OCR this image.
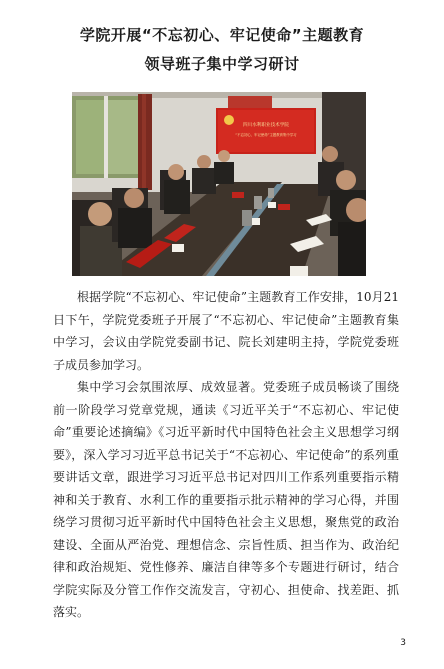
学院开展“不忘初心、牢记使命”主题教育
领导班子集中学习研讨
四川水利职业技术学院
“不忘初心、牢记使命”主题教育集中学习

根据学院“不忘初心、牢记使命”主题教育工作安排，10月21日下午，学院党委班子开展了“不忘初心、牢记使命”主题教育集中学习，会议由学院党委副书记、院长刘建明主持，学院党委班子成员参加学习。

集中学习会氛围浓厚、成效显著。党委班子成员畅谈了围绕前一阶段学习党章党规，通读《习近平关于“不忘初心、牢记使命”重要论述摘编》《习近平新时代中国特色社会主义思想学习纲要》，深入学习习近平总书记关于“不忘初心、牢记使命”的系列重要讲话文章，跟进学习习近平总书记对四川工作系列重要指示精神和关于教育、水利工作的重要指示批示精神的学习心得，并围绕学习贯彻习近平新时代中国特色社会主义思想，聚焦党的政治建设、全面从严治党、理想信念、宗旨性质、担当作为、政治纪律和政治规矩、党性修养、廉洁自律等多个专题进行研讨，结合学院实际及分管工作作交流发言，守初心、担使命、找差距、抓落实。

3
